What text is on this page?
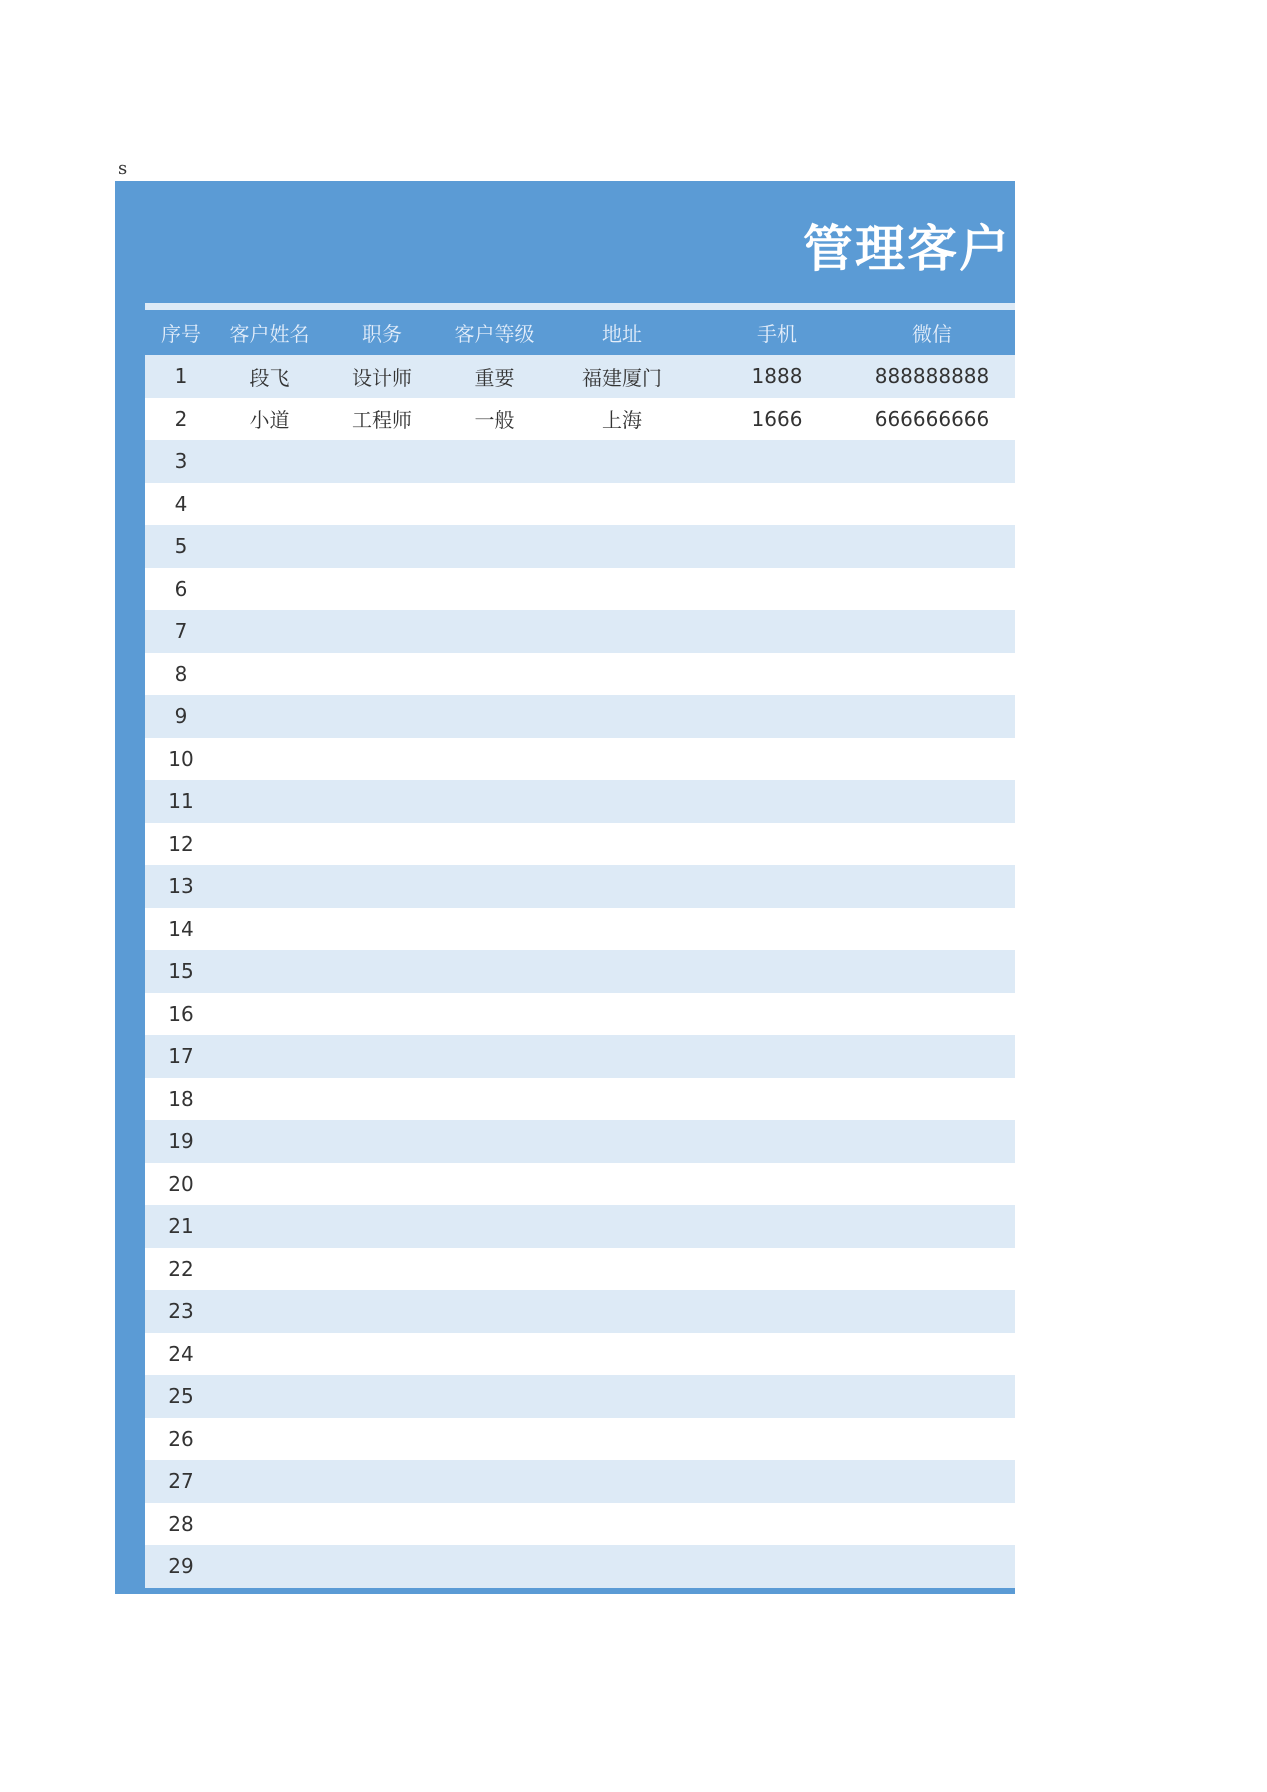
s
管理客户
序号	客户姓名	职务	客户等级	地址	手机	微信
1	段飞	设计师	重要	福建厦门	1888	888888888
2	小道	工程师	一般	上海	1666	666666666
3
4
5
6
7
8
9
10
11
12
13
14
15
16
17
18
19
20
21
22
23
24
25
26
27
28
29
